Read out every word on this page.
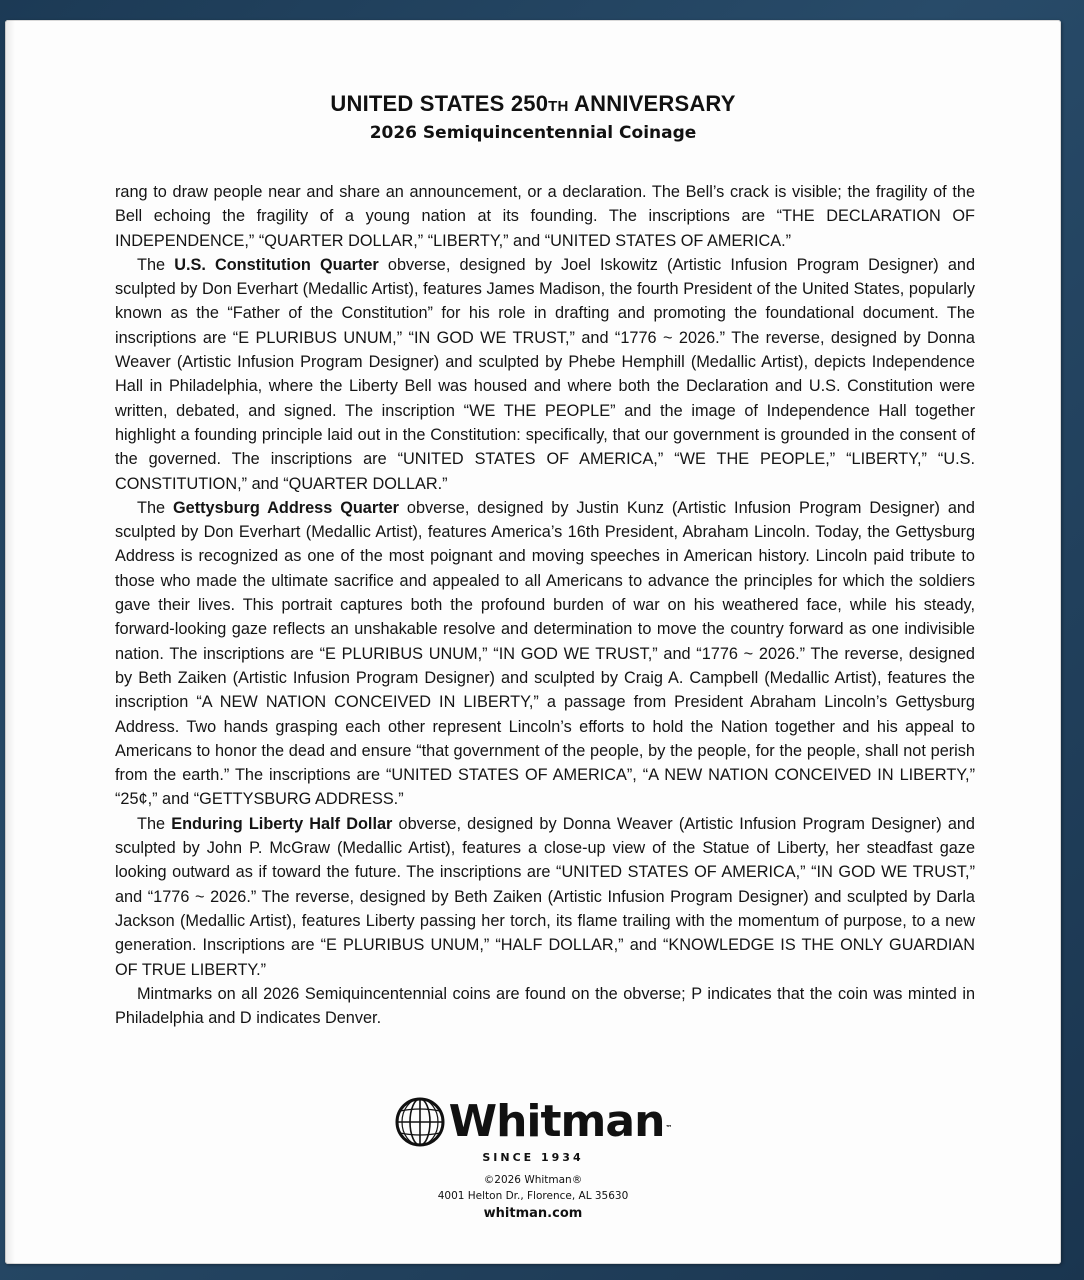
UNITED STATES 250TH ANNIVERSARY
2026 Semiquincentennial Coinage

rang to draw people near and share an announcement, or a declaration. The Bell’s crack is visible; the fragility of the Bell echoing the fragility of a young nation at its founding. The inscriptions are “THE DECLARATION OF INDEPENDENCE,” “QUARTER DOLLAR,” “LIBERTY,” and “UNITED STATES OF AMERICA.”

The U.S. Constitution Quarter obverse, designed by Joel Iskowitz (Artistic Infusion Program Designer) and sculpted by Don Everhart (Medallic Artist), features James Madison, the fourth President of the United States, popularly known as the “Father of the Constitution” for his role in drafting and promoting the foundational document. The inscriptions are “E PLURIBUS UNUM,” “IN GOD WE TRUST,” and “1776 ~ 2026.” The reverse, designed by Donna Weaver (Artistic Infusion Program Designer) and sculpted by Phebe Hemphill (Medallic Artist), depicts Independence Hall in Philadelphia, where the Liberty Bell was housed and where both the Declaration and U.S. Constitution were written, debated, and signed. The inscription “WE THE PEOPLE” and the image of Independence Hall together highlight a founding principle laid out in the Constitution: specifically, that our government is grounded in the consent of the governed. The inscriptions are “UNITED STATES OF AMERICA,” “WE THE PEOPLE,” “LIBERTY,” “U.S. CONSTITUTION,” and “QUARTER DOLLAR.”

The Gettysburg Address Quarter obverse, designed by Justin Kunz (Artistic Infusion Program Designer) and sculpted by Don Everhart (Medallic Artist), features America’s 16th President, Abraham Lincoln. Today, the Gettysburg Address is recognized as one of the most poignant and moving speeches in American history. Lincoln paid tribute to those who made the ultimate sacrifice and appealed to all Americans to advance the principles for which the soldiers gave their lives. This portrait captures both the profound burden of war on his weathered face, while his steady, forward-looking gaze reflects an unshakable resolve and determination to move the country forward as one indivisible nation. The inscriptions are “E PLURIBUS UNUM,” “IN GOD WE TRUST,” and “1776 ~ 2026.” The reverse, designed by Beth Zaiken (Artistic Infusion Program Designer) and sculpted by Craig A. Campbell (Medallic Artist), features the inscription “A NEW NATION CONCEIVED IN LIBERTY,” a passage from President Abraham Lincoln’s Gettysburg Address. Two hands grasping each other represent Lincoln’s efforts to hold the Nation together and his appeal to Americans to honor the dead and ensure “that government of the people, by the people, for the people, shall not perish from the earth.” The inscriptions are “UNITED STATES OF AMERICA”, “A NEW NATION CONCEIVED IN LIBERTY,” “25¢,” and “GETTYSBURG ADDRESS.”

The Enduring Liberty Half Dollar obverse, designed by Donna Weaver (Artistic Infusion Program Designer) and sculpted by John P. McGraw (Medallic Artist), features a close-up view of the Statue of Liberty, her steadfast gaze looking outward as if toward the future. The inscriptions are “UNITED STATES OF AMERICA,” “IN GOD WE TRUST,” and “1776 ~ 2026.” The reverse, designed by Beth Zaiken (Artistic Infusion Program Designer) and sculpted by Darla Jackson (Medallic Artist), features Liberty passing her torch, its flame trailing with the momentum of purpose, to a new generation. Inscriptions are “E PLURIBUS UNUM,” “HALF DOLLAR,” and “KNOWLEDGE IS THE ONLY GUARDIAN OF TRUE LIBERTY.”

Mintmarks on all 2026 Semiquincentennial coins are found on the obverse; P indicates that the coin was minted in Philadelphia and D indicates Denver.

Whitman™
SINCE 1934
©2026 Whitman®
4001 Helton Dr., Florence, AL 35630
whitman.com
